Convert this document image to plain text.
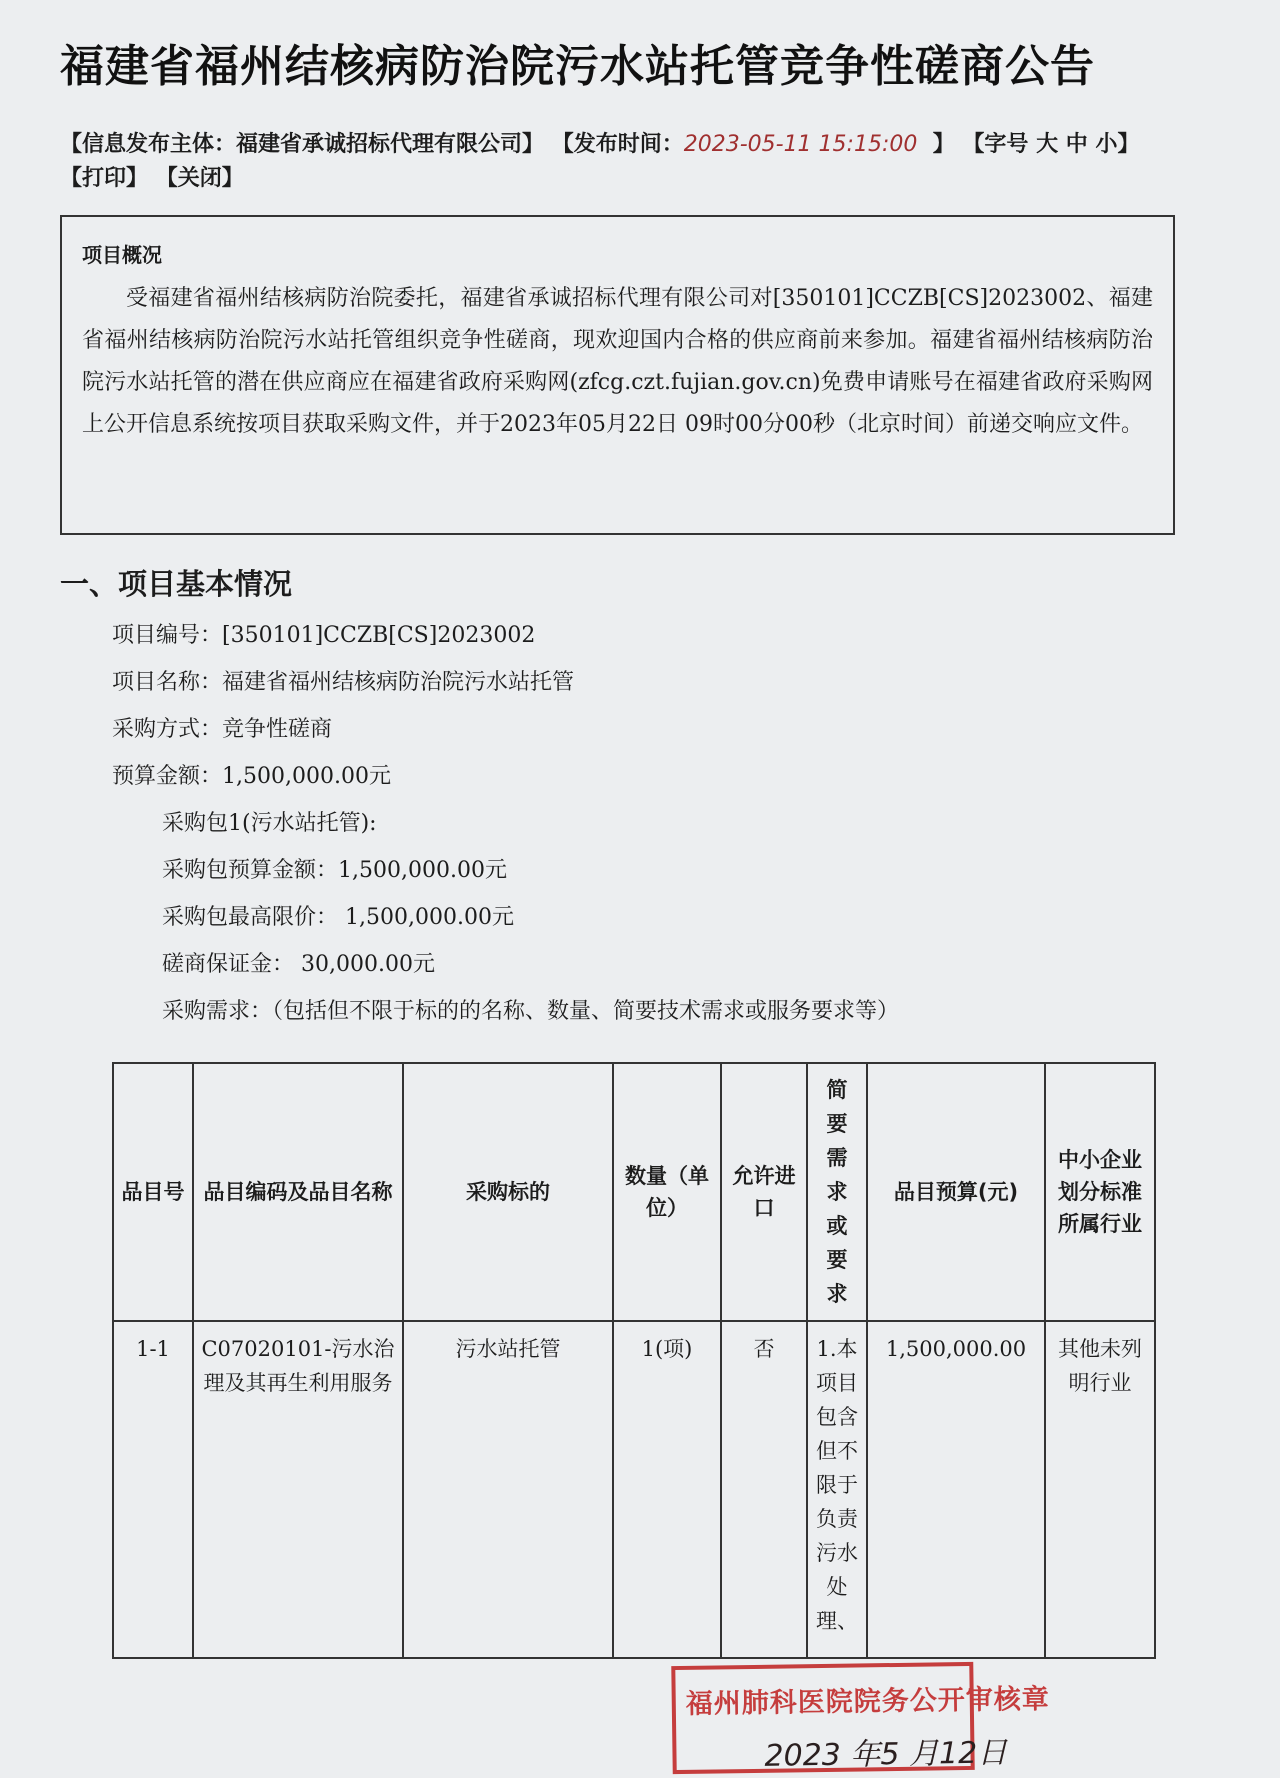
福建省福州结核病防治院污水站托管竞争性磋商公告
【信息发布主体：福建省承诚招标代理有限公司】 【发布时间：2023-05-11 15:15:00 】 【字号 大 中 小】 【打印】 【关闭】
项目概况

受福建省福州结核病防治院委托，福建省承诚招标代理有限公司对[350101]CCZB[CS]2023002、福建省福州结核病防治院污水站托管组织竞争性磋商，现欢迎国内合格的供应商前来参加。福建省福州结核病防治院污水站托管的潜在供应商应在福建省政府采购网(zfcg.czt.fujian.gov.cn)免费申请账号在福建省政府采购网上公开信息系统按项目获取采购文件，并于2023年05月22日 09时00分00秒（北京时间）前递交响应文件。

一、项目基本情况
项目编号：[350101]CCZB[CS]2023002
项目名称：福建省福州结核病防治院污水站托管
采购方式：竞争性磋商
预算金额：1,500,000.00元
采购包1(污水站托管):
采购包预算金额：1,500,000.00元
采购包最高限价： 1,500,000.00元
磋商保证金： 30,000.00元
采购需求：（包括但不限于标的的名称、数量、简要技术需求或服务要求等）
品目号	品目编码及品目名称	采购标的	数量（单位）	允许进口	简要需求或要求	品目预算(元)	中小企业划分标准所属行业
1-1	C07020101-污水治理及其再生利用服务	污水站托管	1(项)	否	1.本项目包含但不限于负责污水处理、	1,500,000.00	其他未列明行业
福州肺科医院院务公开审核章
2023 年5 月12日
